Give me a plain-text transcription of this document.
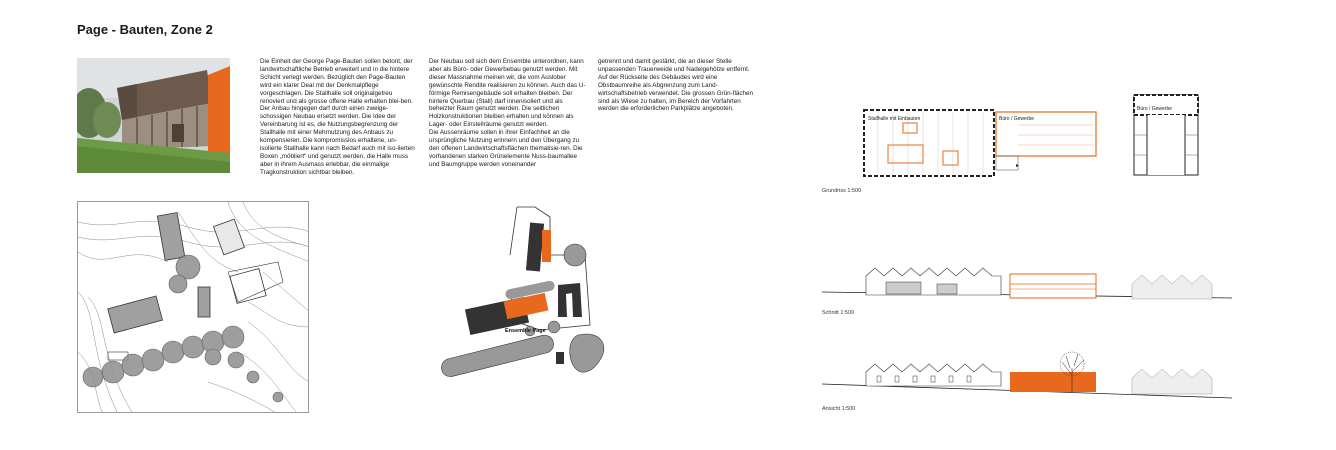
Page - Bauten, Zone 2

Die Einheit der George Page-Bauten sollen betont, der landwirtschaftliche Betrieb erweitert und in die hintere Schicht verlegt werden. Bezüglich den Page-Bauten wird ein klarer Deal mit der Denkmalpflege vorgeschlagen. Die Stallhalle soll originalgetreu renoviert und als grosse offene Halle erhalten blei-ben. Der Anbau hingegen darf durch einen zweige-schossigen Neubau ersetzt werden. Die Idee der Vereinbarung ist es, die Nutzungsbegrenzung der Stallhalle mit einer Mehrnutzung des Anbaus zu kompensieren. Die kompromisslos erhaltene, un-isolierte Stallhalle kann nach Bedarf auch mit iso-lierten Boxen „möbliert“ und genutzt werden, die Halle muss aber in ihrem Ausmass erlebbar, die einmalige Tragkonstruktion sichtbar bleiben.

Der Neubau soll sich dem Ensemble unterordnen, kann aber als Büro- oder Gewerbebau genutzt werden. Mit dieser Massnahme meinen wir, die vom Auslober gewünschte Rendite realisieren zu können. Auch das U-förmige Remisengebäude soll erhalten bleiben. Der hintere Querbau (Stall) darf innenisoliert und als beheizter Raum genutzt werden. Die seitlichen Holzkonstruktionen bleiben erhalten und können als Lager- oder Einstellräume genutzt werden.
Die Aussenräume sollen in ihrer Einfachheit an die ursprüngliche Nutzung erinnern und den Übergang zu den offenen Landwirtschaftsflächen thematisie-ren. Die vorhandenen starken Grünelemente Nuss-baumallee und Baumgruppe werden voneinander

getrennt und damit gestärkt, die an dieser Stelle unpassenden Trauerweide und Nadelgehölze entfernt. Auf der Rückseite des Gebäudes wird eine Obstbaumreihe als Abgrenzung zum Land-wirtschaftsbetrieb verwendet. Die grossen Grün-flächen sind als Wiese zu halten, im Bereich der Vorfahrten werden die erforderlichen Parkplätze angeboten.

Ensemble Page
Stallhalle mit Einbauten	Büro / Gewerbe
▸
Büro / Gewerbe

Grundriss 1:500

Schnitt 1:500

Ansicht 1:500
